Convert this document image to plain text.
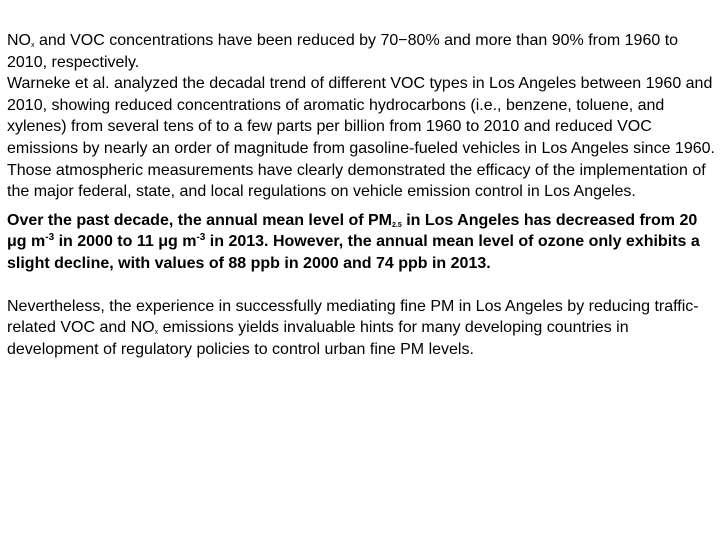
$NO_x$ and VOC concentrations have been reduced by 70−80% and more than 90% from 1960 to 2010, respectively.

Warneke et al. analyzed the decadal trend of different VOC types in Los Angeles between 1960 and 2010, showing reduced concentrations of aromatic hydrocarbons (i.e., benzene, toluene, and xylenes) from several tens of to a few parts per billion from 1960 to 2010 and reduced VOC emissions by nearly an order of magnitude from gasoline-fueled vehicles in Los Angeles since 1960.

Those atmospheric measurements have clearly demonstrated the efficacy of the implementation of the major federal, state, and local regulations on vehicle emission control in Los Angeles.

Over the past decade, the annual mean level of $PM_{2.5}$ in Los Angeles has decreased from 20 μg $m^{-3}$ in 2000 to 11 μg $m^{-3}$ in 2013. However, the annual mean level of ozone only exhibits a slight decline, with values of 88 ppb in 2000 and 74 ppb in 2013.

Nevertheless, the experience in successfully mediating fine PM in Los Angeles by reducing traffic-related VOC and $NO_x$ emissions yields invaluable hints for many developing countries in development of regulatory policies to control urban fine PM levels.
